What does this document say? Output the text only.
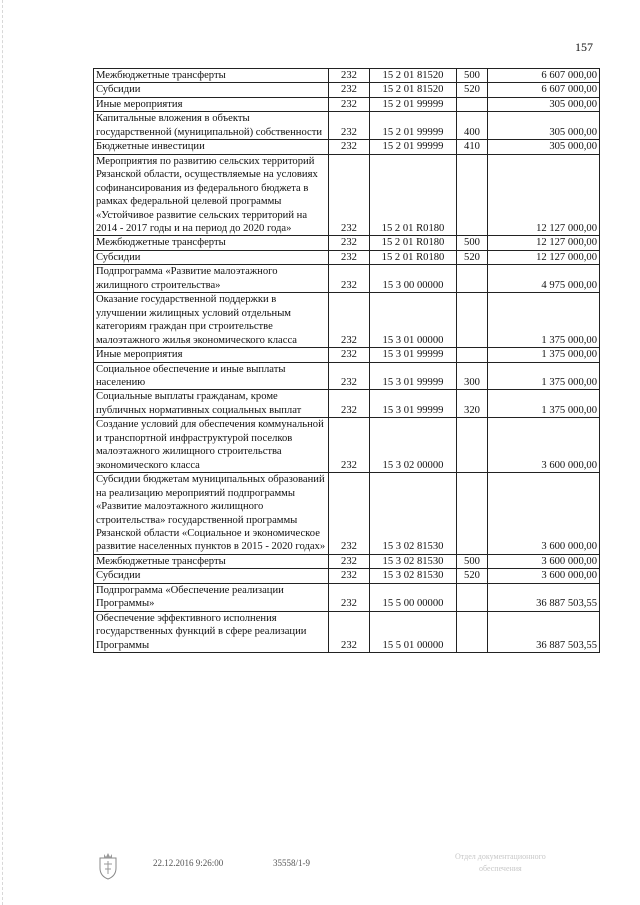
157
Межбюджетные трансферты	232	15 2 01 81520	500	6 607 000,00
Субсидии	232	15 2 01 81520	520	6 607 000,00
Иные мероприятия	232	15 2 01 99999		305 000,00
Капитальные вложения в объекты государственной (муниципальной) собственности	232	15 2 01 99999	400	305 000,00
Бюджетные инвестиции	232	15 2 01 99999	410	305 000,00
Мероприятия по развитию сельских территорий Рязанской области, осуществляемые на условиях софинансирования из федерального бюджета в рамках федеральной целевой программы «Устойчивое развитие сельских территорий на 2014 - 2017 годы и на период до 2020 года»	232	15 2 01 R0180		12 127 000,00
Межбюджетные трансферты	232	15 2 01 R0180	500	12 127 000,00
Субсидии	232	15 2 01 R0180	520	12 127 000,00
Подпрограмма «Развитие малоэтажного жилищного строительства»	232	15 3 00 00000		4 975 000,00
Оказание государственной поддержки в улучшении жилищных условий отдельным категориям граждан при строительстве малоэтажного жилья экономического класса	232	15 3 01 00000		1 375 000,00
Иные мероприятия	232	15 3 01 99999		1 375 000,00
Социальное обеспечение и иные выплаты населению	232	15 3 01 99999	300	1 375 000,00
Социальные выплаты гражданам, кроме публичных нормативных социальных выплат	232	15 3 01 99999	320	1 375 000,00
Создание условий для обеспечения коммунальной и транспортной инфраструктурой поселков малоэтажного жилищного строительства экономического класса	232	15 3 02 00000		3 600 000,00
Субсидии бюджетам муниципальных образований на реализацию мероприятий подпрограммы «Развитие малоэтажного жилищного строительства» государственной программы Рязанской области «Социальное и экономическое развитие населенных пунктов в 2015 - 2020 годах»	232	15 3 02 81530		3 600 000,00
Межбюджетные трансферты	232	15 3 02 81530	500	3 600 000,00
Субсидии	232	15 3 02 81530	520	3 600 000,00
Подпрограмма «Обеспечение реализации Программы»	232	15 5 00 00000		36 887 503,55
Обеспечение эффективного исполнения государственных функций в сфере реализации Программы	232	15 5 01 00000		36 887 503,55
22.12.2016 9:26:00	35558/1-9
Отдел документационного
обеспечения
